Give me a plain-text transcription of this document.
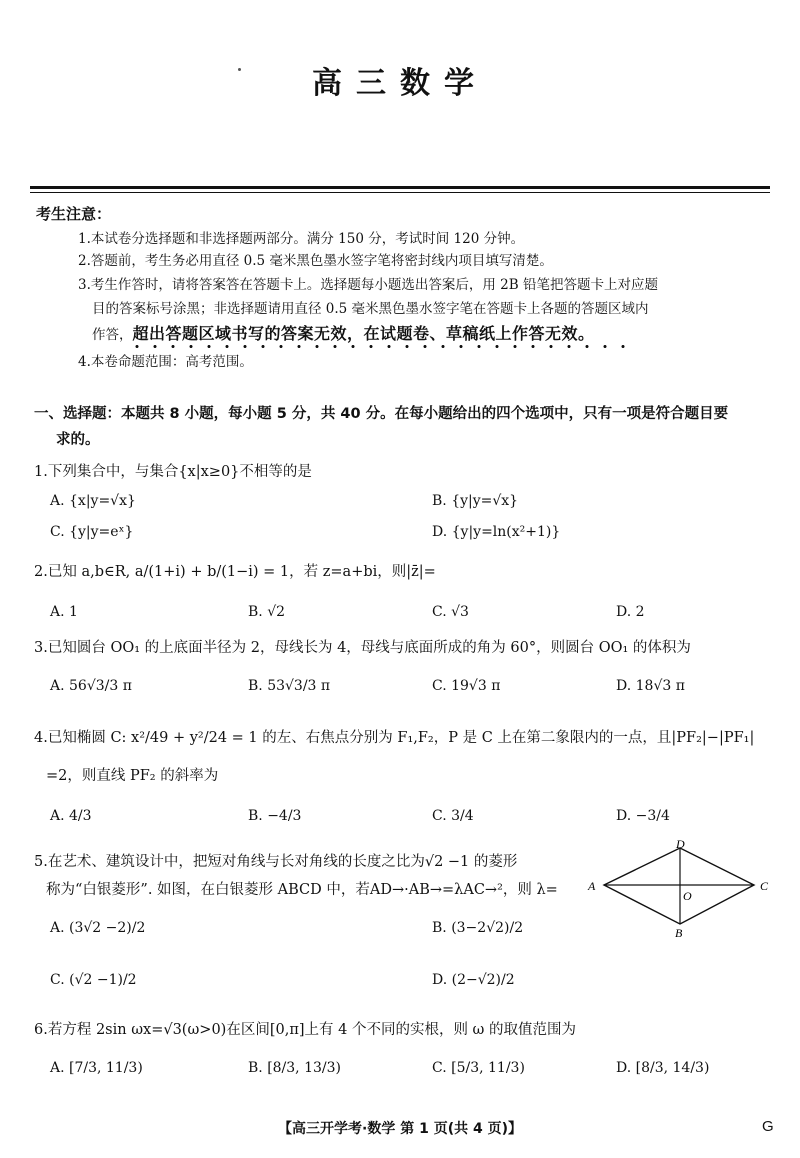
高三数学
考生注意：
1.本试卷分选择题和非选择题两部分。满分 150 分，考试时间 120 分钟。
2.答题前，考生务必用直径 0.5 毫米黑色墨水签字笔将密封线内项目填写清楚。
3.考生作答时，请将答案答在答题卡上。选择题每小题选出答案后，用 2B 铅笔把答题卡上对应题
目的答案标号涂黑；非选择题请用直径 0.5 毫米黑色墨水签字笔在答题卡上各题的答题区域内
作答，超出答题区域书写的答案无效，在试题卷、草稿纸上作答无效。
4.本卷命题范围：高考范围。
一、选择题：本题共 8 小题，每小题 5 分，共 40 分。在每小题给出的四个选项中，只有一项是符合题目要
求的。
1.下列集合中，与集合{x|x≥0}不相等的是
A. {x|y=√x}	B. {y|y=√x}
C. {y|y=eˣ}	D. {y|y=ln(x²+1)}
2.已知 a,b∈R, a/(1+i) + b/(1−i) = 1，若 z=a+bi，则|z̄|=
A. 1	B. √2	C. √3	D. 2
3.已知圆台 OO₁ 的上底面半径为 2，母线长为 4，母线与底面所成的角为 60°，则圆台 OO₁ 的体积为
A. 56√3/3 π	B. 53√3/3 π	C. 19√3 π	D. 18√3 π
4.已知椭圆 C: x²/49 + y²/24 = 1 的左、右焦点分别为 F₁,F₂，P 是 C 上在第二象限内的一点，且|PF₂|−|PF₁|
=2，则直线 PF₂ 的斜率为
A. 4/3	B. −4/3	C. 3/4	D. −3/4
5.在艺术、建筑设计中，把短对角线与长对角线的长度之比为√2 −1 的菱形
称为“白银菱形”. 如图，在白银菱形 ABCD 中，若AD→·AB→=λAC→²，则 λ=
A. (3√2 −2)/2	B. (3−2√2)/2
C. (√2 −1)/2	D. (2−√2)/2
A
D
C
B
O
6.若方程 2sin ωx=√3(ω>0)在区间[0,π]上有 4 个不同的实根，则 ω 的取值范围为
A. [7/3, 11/3)	B. [8/3, 13/3)	C. [5/3, 11/3)	D. [8/3, 14/3)
【高三开学考·数学 第 1 页(共 4 页)】	G
